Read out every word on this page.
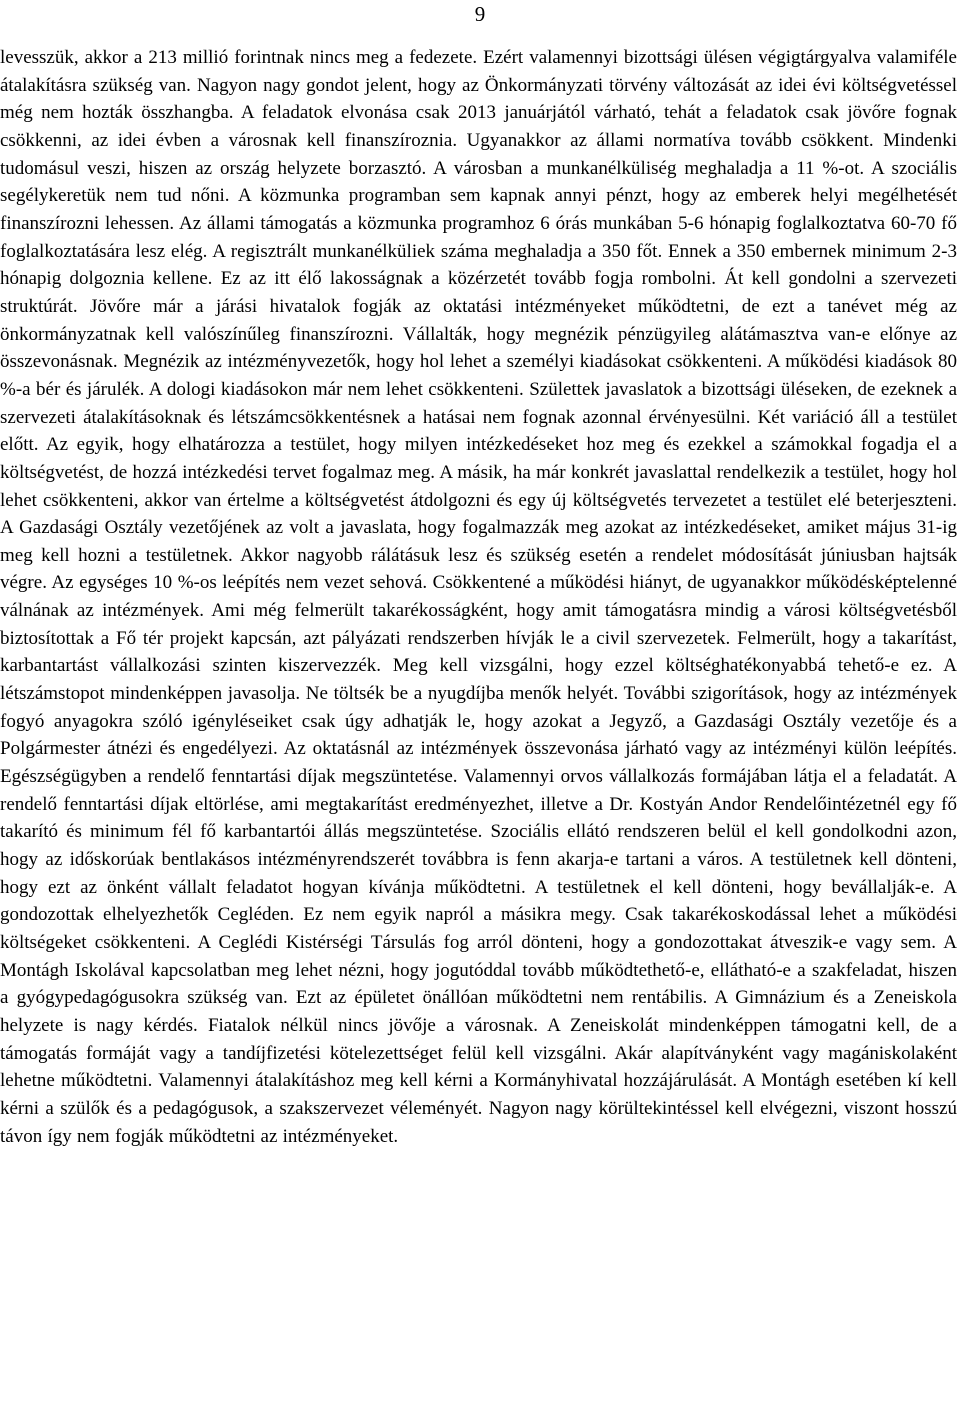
9

levesszük, akkor a 213 millió forintnak nincs meg a fedezete. Ezért valamennyi bizottsági ülésen végigtárgyalva valamiféle átalakításra szükség van. Nagyon nagy gondot jelent, hogy az Önkormányzati törvény változását az idei évi költségvetéssel még nem hozták összhangba. A feladatok elvonása csak 2013 januárjától várható, tehát a feladatok csak jövőre fognak csökkenni, az idei évben a városnak kell finanszíroznia. Ugyanakkor az állami normatíva tovább csökkent. Mindenki tudomásul veszi, hiszen az ország helyzete borzasztó. A városban a munkanélküliség meghaladja a 11 %-ot. A szociális segélykeretük nem tud nőni. A közmunka programban sem kapnak annyi pénzt, hogy az emberek helyi megélhetését finanszírozni lehessen. Az állami támogatás a közmunka programhoz 6 órás munkában 5-6 hónapig foglalkoztatva 60-70 fő foglalkoztatására lesz elég. A regisztrált munkanélküliek száma meghaladja a 350 főt. Ennek a 350 embernek minimum 2-3 hónapig dolgoznia kellene. Ez az itt élő lakosságnak a közérzetét tovább fogja rombolni. Át kell gondolni a szervezeti struktúrát. Jövőre már a járási hivatalok fogják az oktatási intézményeket működtetni, de ezt a tanévet még az önkormányzatnak kell valószínűleg finanszírozni. Vállalták, hogy megnézik pénzügyileg alátámasztva van-e előnye az összevonásnak. Megnézik az intézményvezetők, hogy hol lehet a személyi kiadásokat csökkenteni. A működési kiadások 80 %-a bér és járulék. A dologi kiadásokon már nem lehet csökkenteni. Születtek javaslatok a bizottsági üléseken, de ezeknek a szervezeti átalakításoknak és létszámcsökkentésnek a hatásai nem fognak azonnal érvényesülni. Két variáció áll a testület előtt. Az egyik, hogy elhatározza a testület, hogy milyen intézkedéseket hoz meg és ezekkel a számokkal fogadja el a költségvetést, de hozzá intézkedési tervet fogalmaz meg. A másik, ha már konkrét javaslattal rendelkezik a testület, hogy hol lehet csökkenteni, akkor van értelme a költségvetést átdolgozni és egy új költségvetés tervezetet a testület elé beterjeszteni. A Gazdasági Osztály vezetőjének az volt a javaslata, hogy fogalmazzák meg azokat az intézkedéseket, amiket május 31-ig meg kell hozni a testületnek. Akkor nagyobb rálátásuk lesz és szükség esetén a rendelet módosítását júniusban hajtsák végre. Az egységes 10 %-os leépítés nem vezet sehová. Csökkentené a működési hiányt, de ugyanakkor működésképtelenné válnának az intézmények. Ami még felmerült takarékosságként, hogy amit támogatásra mindig a városi költségvetésből biztosítottak a Fő tér projekt kapcsán, azt pályázati rendszerben hívják le a civil szervezetek. Felmerült, hogy a takarítást, karbantartást vállalkozási szinten kiszervezzék. Meg kell vizsgálni, hogy ezzel költséghatékonyabbá tehető-e ez. A létszámstopot mindenképpen javasolja. Ne töltsék be a nyugdíjba menők helyét. További szigorítások, hogy az intézmények fogyó anyagokra szóló igényléseiket csak úgy adhatják le, hogy azokat a Jegyző, a Gazdasági Osztály vezetője és a Polgármester átnézi és engedélyezi. Az oktatásnál az intézmények összevonása járható vagy az intézményi külön leépítés. Egészségügyben a rendelő fenntartási díjak megszüntetése. Valamennyi orvos vállalkozás formájában látja el a feladatát. A rendelő fenntartási díjak eltörlése, ami megtakarítást eredményezhet, illetve a Dr. Kostyán Andor Rendelőintézetnél egy fő takarító és minimum fél fő karbantartói állás megszüntetése. Szociális ellátó rendszeren belül el kell gondolkodni azon, hogy az időskorúak bentlakásos intézményrendszerét továbbra is fenn akarja-e tartani a város. A testületnek kell dönteni, hogy ezt az önként vállalt feladatot hogyan kívánja működtetni. A testületnek el kell dönteni, hogy bevállalják-e. A gondozottak elhelyezhetők Cegléden. Ez nem egyik napról a másikra megy. Csak takarékoskodással lehet a működési költségeket csökkenteni. A Ceglédi Kistérségi Társulás fog arról dönteni, hogy a gondozottakat átveszik-e vagy sem. A Montágh Iskolával kapcsolatban meg lehet nézni, hogy jogutóddal tovább működtethető-e, ellátható-e a szakfeladat, hiszen a gyógypedagógusokra szükség van. Ezt az épületet önállóan működtetni nem rentábilis. A Gimnázium és a Zeneiskola helyzete is nagy kérdés. Fiatalok nélkül nincs jövője a városnak. A Zeneiskolát mindenképpen támogatni kell, de a támogatás formáját vagy a tandíjfizetési kötelezettséget felül kell vizsgálni. Akár alapítványként vagy magániskolaként lehetne működtetni. Valamennyi átalakításhoz meg kell kérni a Kormányhivatal hozzájárulását. A Montágh esetében kí kell kérni a szülők és a pedagógusok, a szakszervezet véleményét. Nagyon nagy körültekintéssel kell elvégezni, viszont hosszú távon így nem fogják működtetni az intézményeket.
